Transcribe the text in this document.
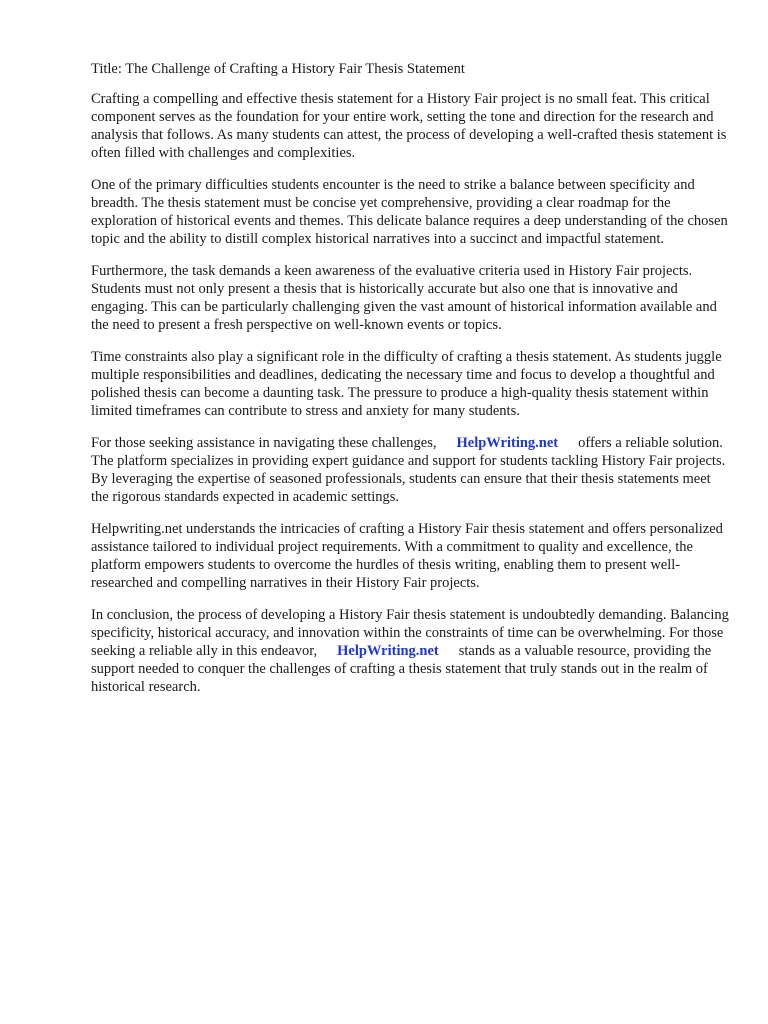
Title: The Challenge of Crafting a History Fair Thesis Statement

Crafting a compelling and effective thesis statement for a History Fair project is no small feat. This critical component serves as the foundation for your entire work, setting the tone and direction for the research and analysis that follows. As many students can attest, the process of developing a well-crafted thesis statement is often filled with challenges and complexities.

One of the primary difficulties students encounter is the need to strike a balance between specificity and breadth. The thesis statement must be concise yet comprehensive, providing a clear roadmap for the exploration of historical events and themes. This delicate balance requires a deep understanding of the chosen topic and the ability to distill complex historical narratives into a succinct and impactful statement.

Furthermore, the task demands a keen awareness of the evaluative criteria used in History Fair projects. Students must not only present a thesis that is historically accurate but also one that is innovative and engaging. This can be particularly challenging given the vast amount of historical information available and the need to present a fresh perspective on well-known events or topics.

Time constraints also play a significant role in the difficulty of crafting a thesis statement. As students juggle multiple responsibilities and deadlines, dedicating the necessary time and focus to develop a thoughtful and polished thesis can become a daunting task. The pressure to produce a high-quality thesis statement within limited timeframes can contribute to stress and anxiety for many students.

For those seeking assistance in navigating these challenges, HelpWriting.net offers a reliable solution. The platform specializes in providing expert guidance and support for students tackling History Fair projects. By leveraging the expertise of seasoned professionals, students can ensure that their thesis statements meet the rigorous standards expected in academic settings.

Helpwriting.net understands the intricacies of crafting a History Fair thesis statement and offers personalized assistance tailored to individual project requirements. With a commitment to quality and excellence, the platform empowers students to overcome the hurdles of thesis writing, enabling them to present well-researched and compelling narratives in their History Fair projects.

In conclusion, the process of developing a History Fair thesis statement is undoubtedly demanding. Balancing specificity, historical accuracy, and innovation within the constraints of time can be overwhelming. For those seeking a reliable ally in this endeavor, HelpWriting.net stands as a valuable resource, providing the support needed to conquer the challenges of crafting a thesis statement that truly stands out in the realm of historical research.
